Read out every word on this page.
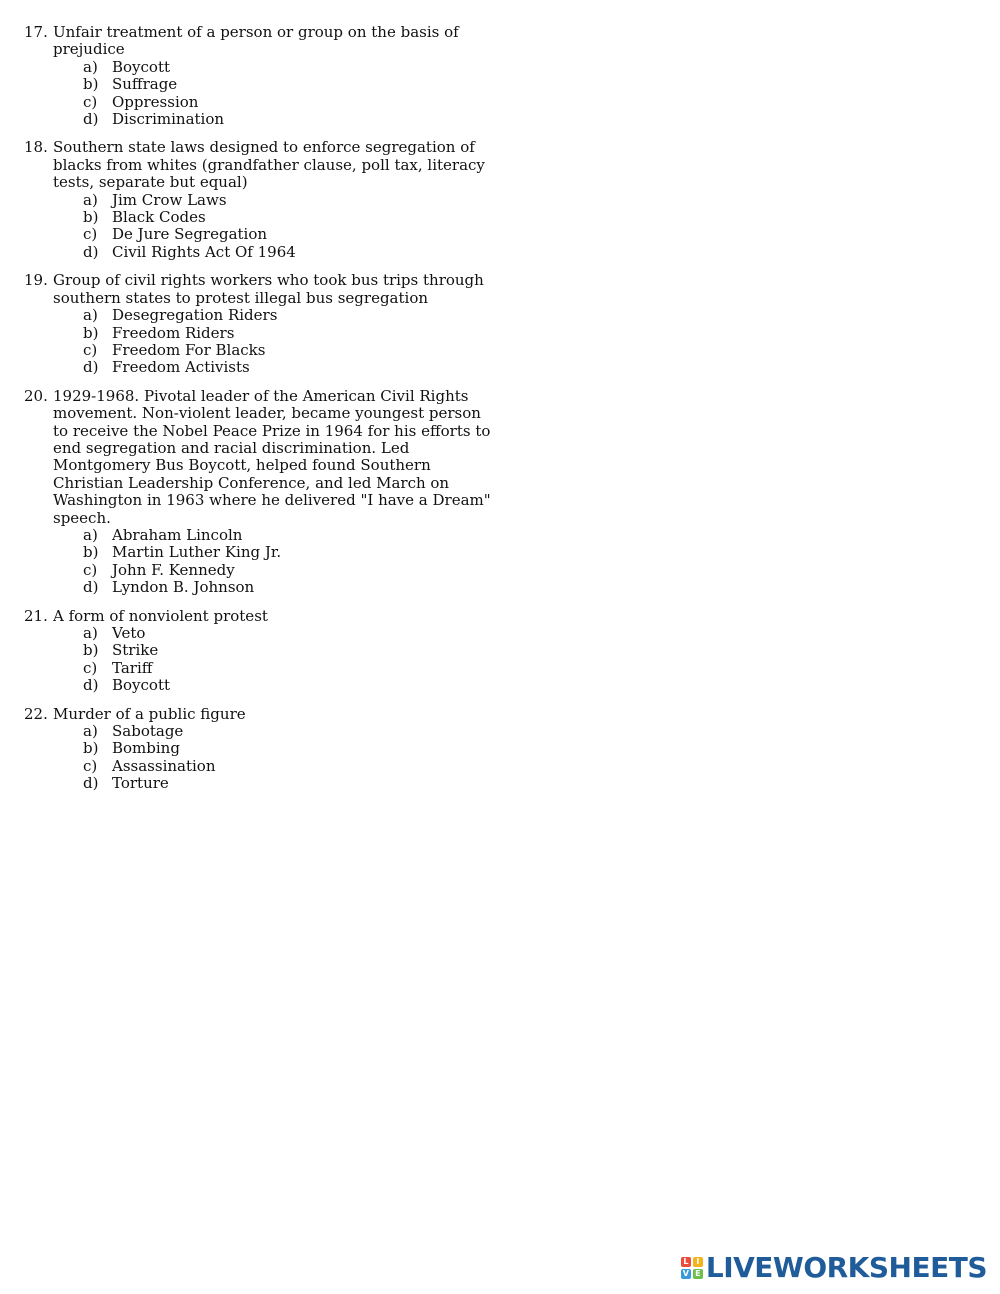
17. Unfair treatment of a person or group on the basis of
prejudice
a) Boycott
b) Suffrage
c) Oppression
d) Discrimination
18. Southern state laws designed to enforce segregation of
blacks from whites (grandfather clause, poll tax, literacy
tests, separate but equal)
a) Jim Crow Laws
b) Black Codes
c) De Jure Segregation
d) Civil Rights Act Of 1964
19. Group of civil rights workers who took bus trips through
southern states to protest illegal bus segregation
a) Desegregation Riders
b) Freedom Riders
c) Freedom For Blacks
d) Freedom Activists
20. 1929-1968. Pivotal leader of the American Civil Rights
movement. Non-violent leader, became youngest person
to receive the Nobel Peace Prize in 1964 for his efforts to
end segregation and racial discrimination. Led
Montgomery Bus Boycott, helped found Southern
Christian Leadership Conference, and led March on
Washington in 1963 where he delivered "I have a Dream"
speech.
a) Abraham Lincoln
b) Martin Luther King Jr.
c) John F. Kennedy
d) Lyndon B. Johnson
21. A form of nonviolent protest
a) Veto
b) Strike
c) Tariff
d) Boycott
22. Murder of a public figure
a) Sabotage
b) Bombing
c) Assassination
d) Torture
L I
V E LIVEWORKSHEETS
